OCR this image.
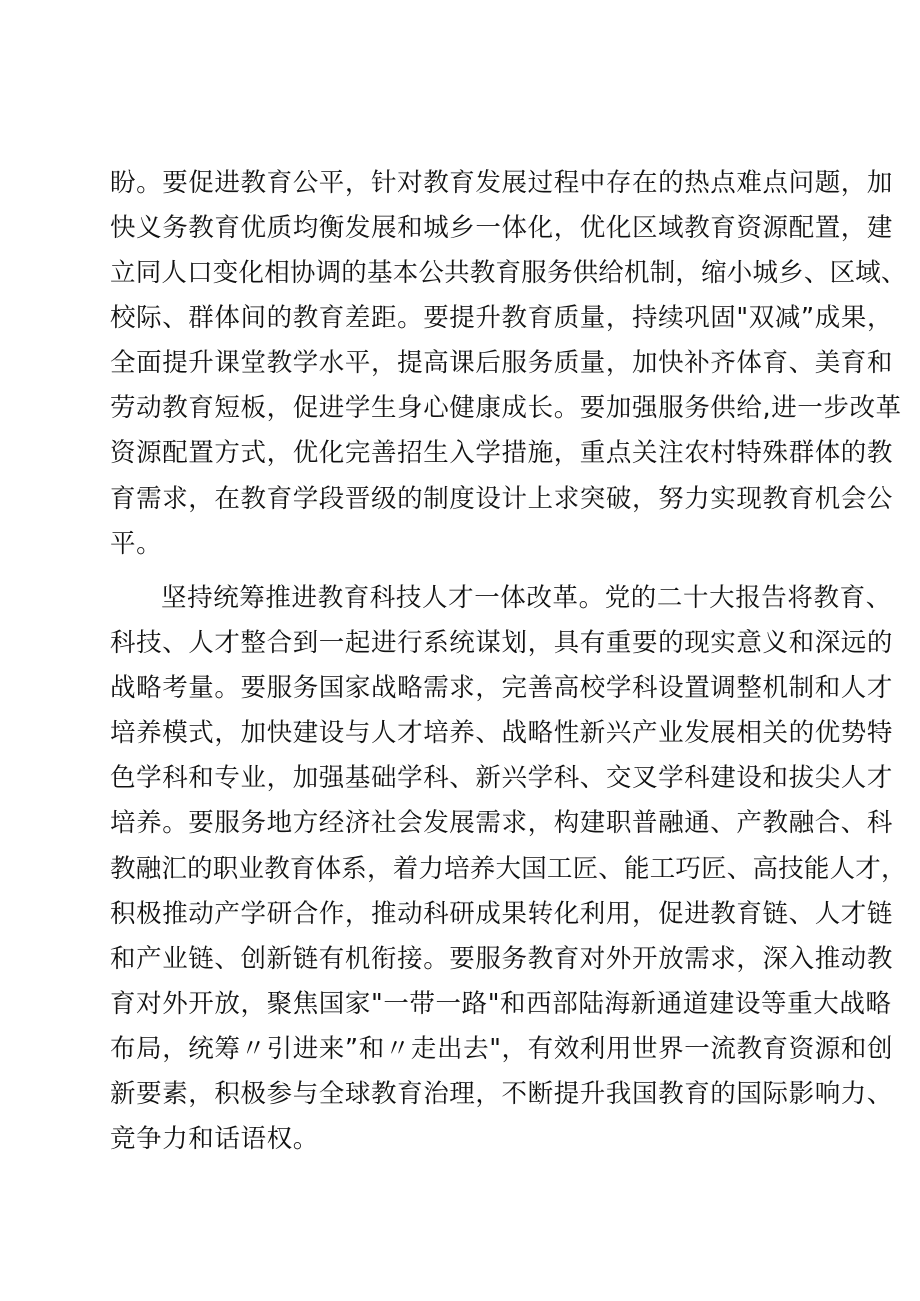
盼。要促进教育公平，针对教育发展过程中存在的热点难点问题，加
快义务教育优质均衡发展和城乡一体化，优化区域教育资源配置，建
立同人口变化相协调的基本公共教育服务供给机制，缩小城乡、区域、
校际、群体间的教育差距。要提升教育质量，持续巩固"双减”成果，
全面提升课堂教学水平，提高课后服务质量，加快补齐体育、美育和
劳动教育短板，促进学生身心健康成长。要加强服务供给,进一步改革
资源配置方式，优化完善招生入学措施，重点关注农村特殊群体的教
育需求，在教育学段晋级的制度设计上求突破，努力实现教育机会公
平。
坚持统筹推进教育科技人才一体改革。党的二十大报告将教育、
科技、人才整合到一起进行系统谋划，具有重要的现实意义和深远的
战略考量。要服务国家战略需求，完善高校学科设置调整机制和人才
培养模式，加快建设与人才培养、战略性新兴产业发展相关的优势特
色学科和专业，加强基础学科、新兴学科、交叉学科建设和拔尖人才
培养。要服务地方经济社会发展需求，构建职普融通、产教融合、科
教融汇的职业教育体系，着力培养大国工匠、能工巧匠、高技能人才，
积极推动产学研合作，推动科研成果转化利用，促进教育链、人才链
和产业链、创新链有机衔接。要服务教育对外开放需求，深入推动教
育对外开放，聚焦国家"一带一路"和西部陆海新通道建设等重大战略
布局，统筹〃引进来”和〃走出去"，有效利用世界一流教育资源和创
新要素，积极参与全球教育治理，不断提升我国教育的国际影响力、
竞争力和话语权。
